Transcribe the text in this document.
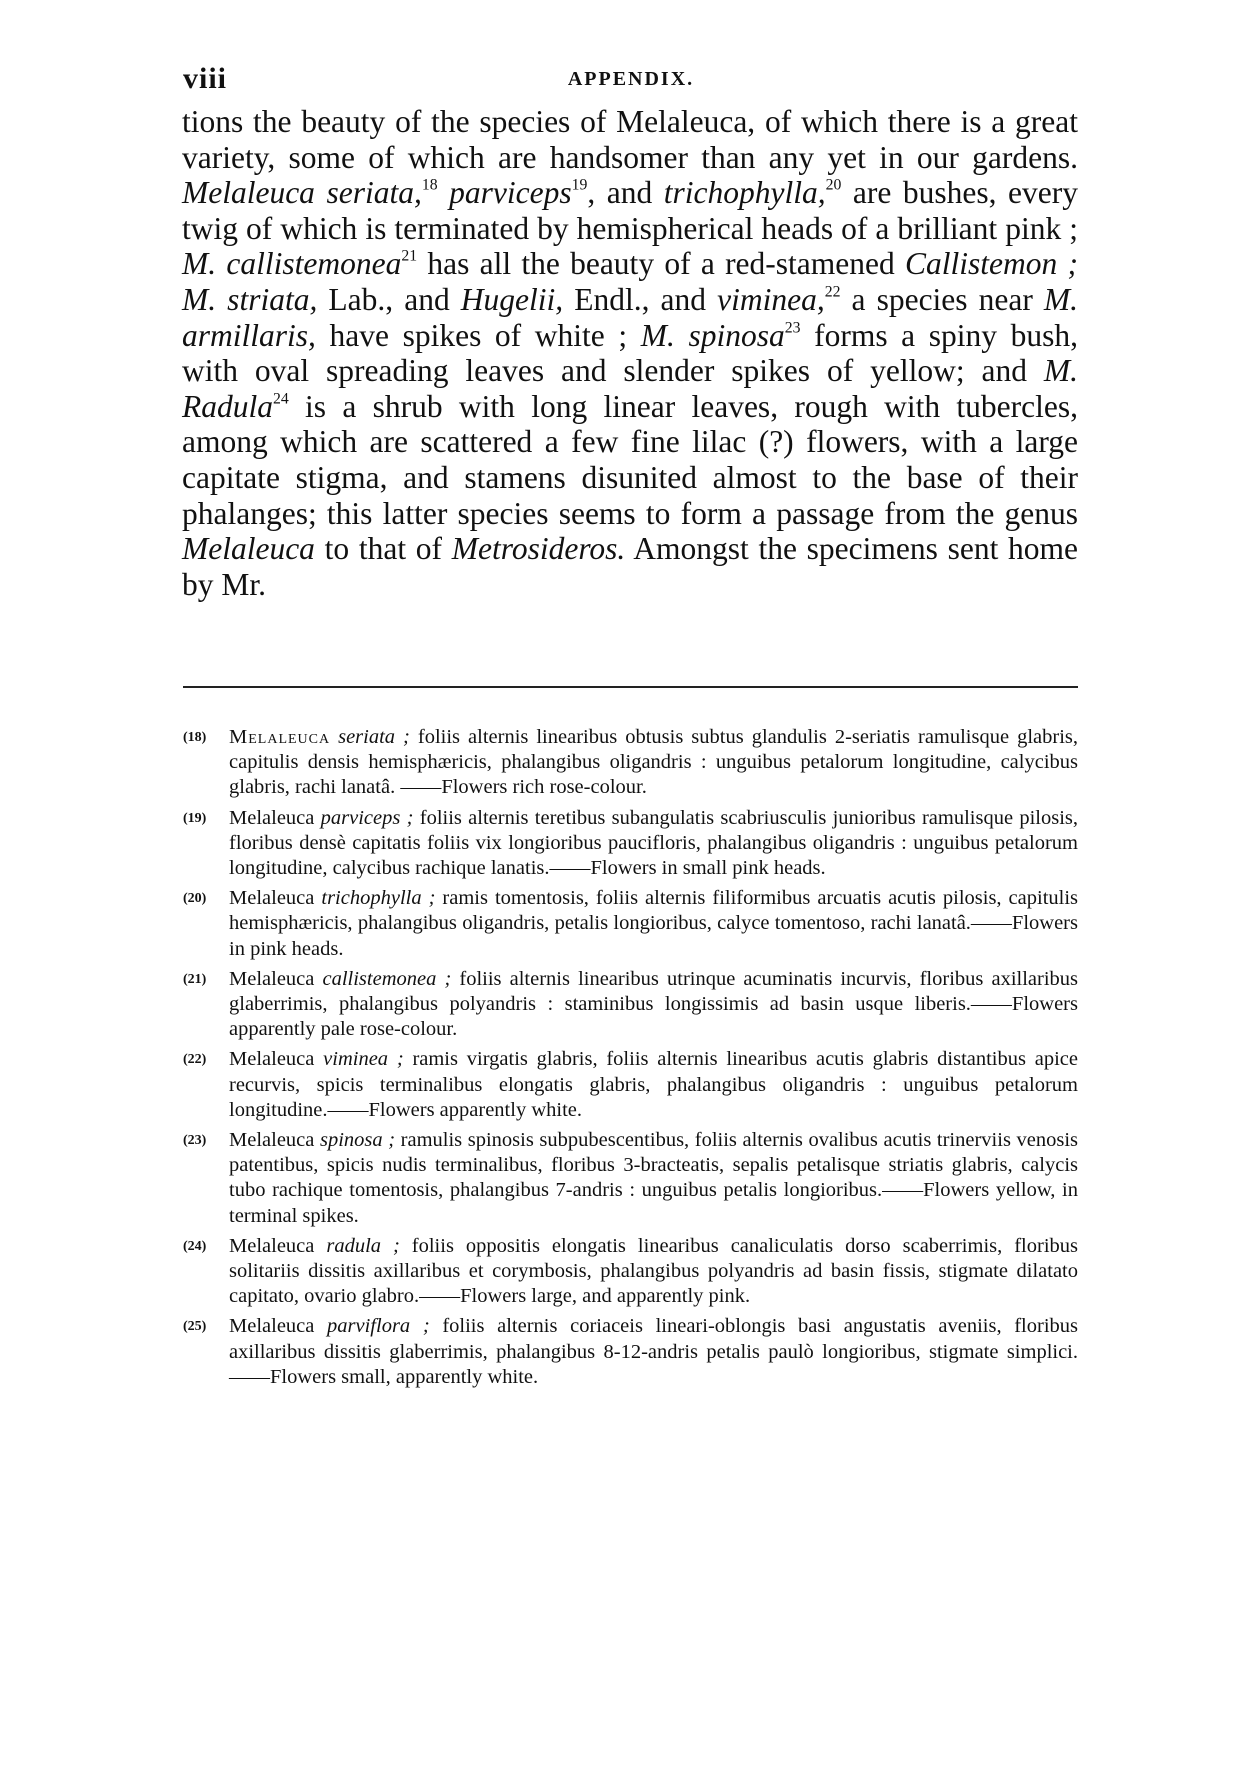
viii	APPENDIX.
tions the beauty of the species of Melaleuca, of which there is a great variety, some of which are handsomer than any yet in our gardens. Melaleuca seriata,$^{18}$ parviceps$^{19}$, and trichophylla,$^{20}$ are bushes, every twig of which is terminated by hemispherical heads of a brilliant pink ; M. callistemonea$^{21}$ has all the beauty of a red-stamened Callistemon ; M. striata, Lab., and Hugelii, Endl., and viminea,$^{22}$ a species near M. armillaris, have spikes of white ; M. spinosa$^{23}$ forms a spiny bush, with oval spreading leaves and slender spikes of yellow; and M. Radula$^{24}$ is a shrub with long linear leaves, rough with tubercles, among which are scattered a few fine lilac (?) flowers, with a large capitate stigma, and stamens disunited almost to the base of their phalanges; this latter species seems to form a passage from the genus Melaleuca to that of Metrosideros. Amongst the specimens sent home by Mr.
(18) Melaleuca seriata ; foliis alternis linearibus obtusis subtus glandulis 2-seriatis ramulisque glabris, capitulis densis hemisphæricis, phalangibus oligandris : unguibus petalorum longitudine, calycibus glabris, rachi lanatâ. ——Flowers rich rose-colour.
(19) Melaleuca parviceps ; foliis alternis teretibus subangulatis scabriusculis junioribus ramulisque pilosis, floribus densè capitatis foliis vix longioribus paucifloris, phalangibus oligandris : unguibus petalorum longitudine, calycibus rachique lanatis.——Flowers in small pink heads.
(20) Melaleuca trichophylla ; ramis tomentosis, foliis alternis filiformibus arcuatis acutis pilosis, capitulis hemisphæricis, phalangibus oligandris, petalis longioribus, calyce tomentoso, rachi lanatâ.——Flowers in pink heads.
(21) Melaleuca callistemonea ; foliis alternis linearibus utrinque acuminatis incurvis, floribus axillaribus glaberrimis, phalangibus polyandris : staminibus longissimis ad basin usque liberis.——Flowers apparently pale rose-colour.
(22) Melaleuca viminea ; ramis virgatis glabris, foliis alternis linearibus acutis glabris distantibus apice recurvis, spicis terminalibus elongatis glabris, phalangibus oligandris : unguibus petalorum longitudine.——Flowers apparently white.
(23) Melaleuca spinosa ; ramulis spinosis subpubescentibus, foliis alternis ovalibus acutis trinerviis venosis patentibus, spicis nudis terminalibus, floribus 3-bracteatis, sepalis petalisque striatis glabris, calycis tubo rachique tomentosis, phalangibus 7-andris : unguibus petalis longioribus.——Flowers yellow, in terminal spikes.
(24) Melaleuca radula ; foliis oppositis elongatis linearibus canaliculatis dorso scaberrimis, floribus solitariis dissitis axillaribus et corymbosis, phalangibus polyandris ad basin fissis, stigmate dilatato capitato, ovario glabro.——Flowers large, and apparently pink.
(25) Melaleuca parviflora ; foliis alternis coriaceis lineari-oblongis basi angustatis aveniis, floribus axillaribus dissitis glaberrimis, phalangibus 8-12-andris petalis paulò longioribus, stigmate simplici.——Flowers small, apparently white.
